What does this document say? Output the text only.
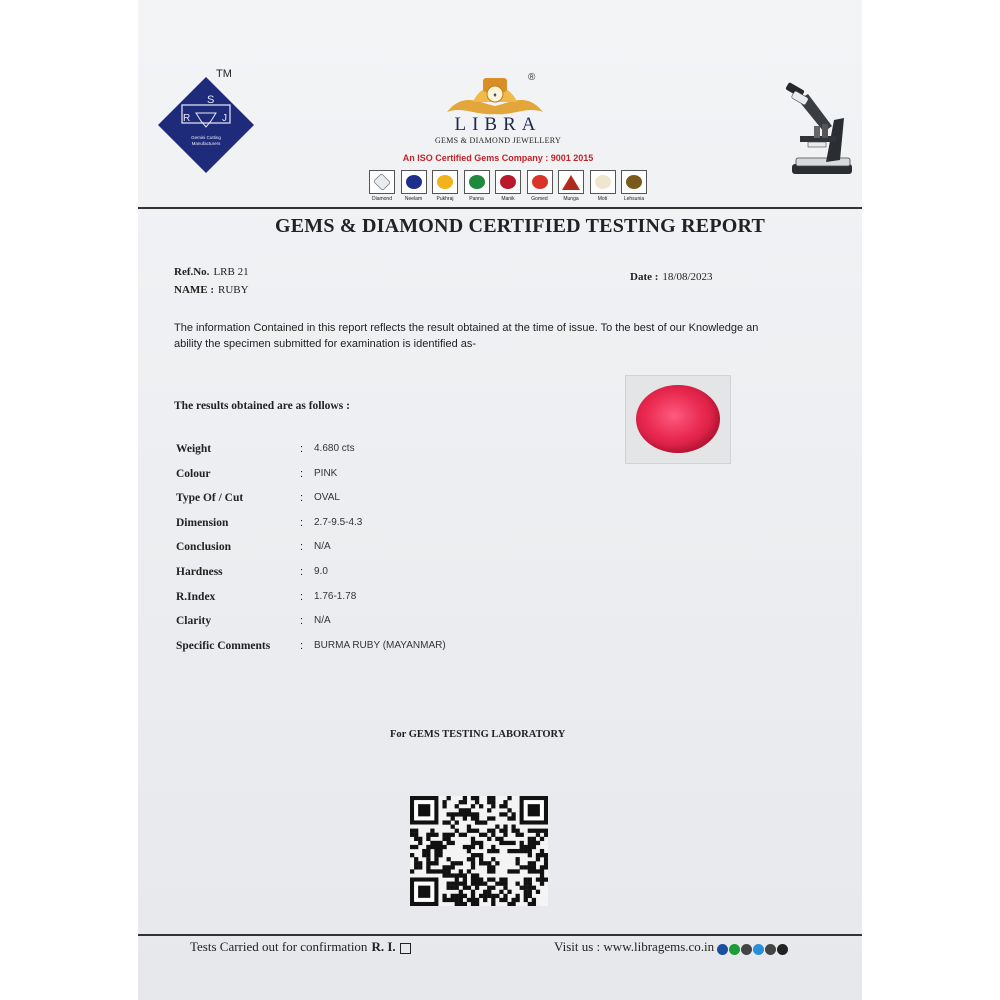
S
R	J
Gemini Cutting
Manufacturers
TM
♦
®
LIBRA
GEMS & DIAMOND JEWELLERY
An ISO Certified Gems Company : 9001 2015
Diamond	Neelam	Pukhraj	Panna	Manik	Gomed	Munga	Moti	Lehsunia
GEMS & DIAMOND CERTIFIED TESTING REPORT
Ref.No. LRB 21
NAME : RUBY
Date : 18/08/2023
The information Contained in this report reflects the result obtained at the time of issue. To the best of our Knowledge an ability the specimen submitted for examination is identified as-
The results obtained are as follows :
Weight	: 4.680 cts
Colour	: PINK
Type Of / Cut	: OVAL
Dimension	: 2.7-9.5-4.3
Conclusion	: N/A
Hardness	: 9.0
R.Index	: 1.76-1.78
Clarity	: N/A
Specific Comments	: BURMA RUBY (MAYANMAR)
For GEMS TESTING LABORATORY
Tests Carried out for confirmation R. I.	Visit us : www.libragems.co.in
